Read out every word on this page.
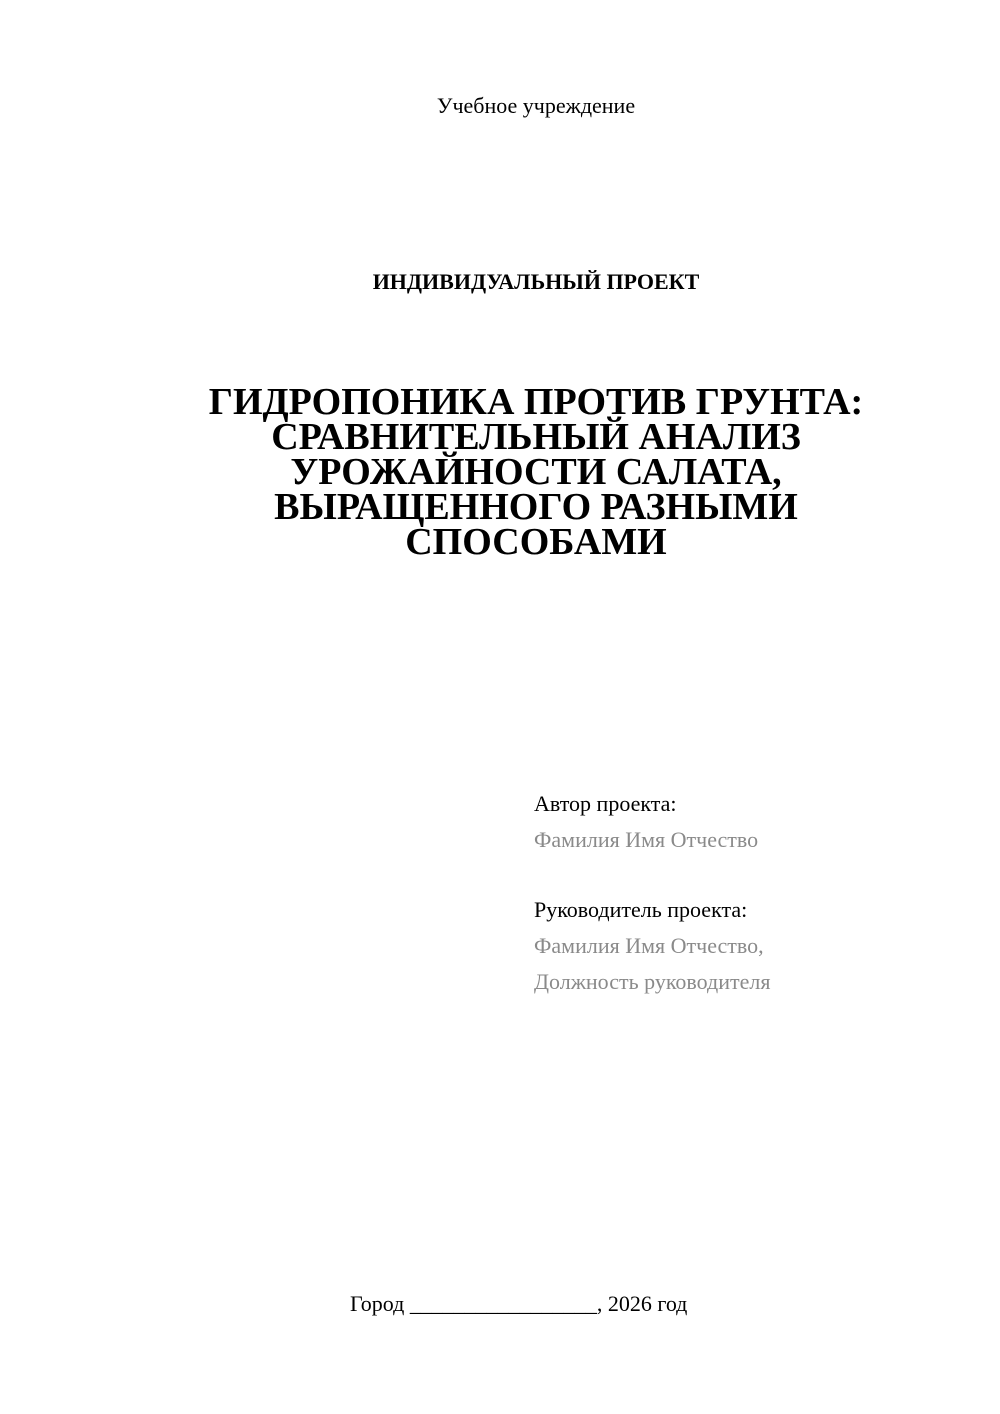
Учебное учреждение
ИНДИВИДУАЛЬНЫЙ ПРОЕКТ
ГИДРОПОНИКА ПРОТИВ ГРУНТА:
СРАВНИТЕЛЬНЫЙ АНАЛИЗ
УРОЖАЙНОСТИ САЛАТА,
ВЫРАЩЕННОГО РАЗНЫМИ
СПОСОБАМИ
Автор проекта:
Фамилия Имя Отчество
Руководитель проекта:
Фамилия Имя Отчество,
Должность руководителя
Город _________________, 2026 год
